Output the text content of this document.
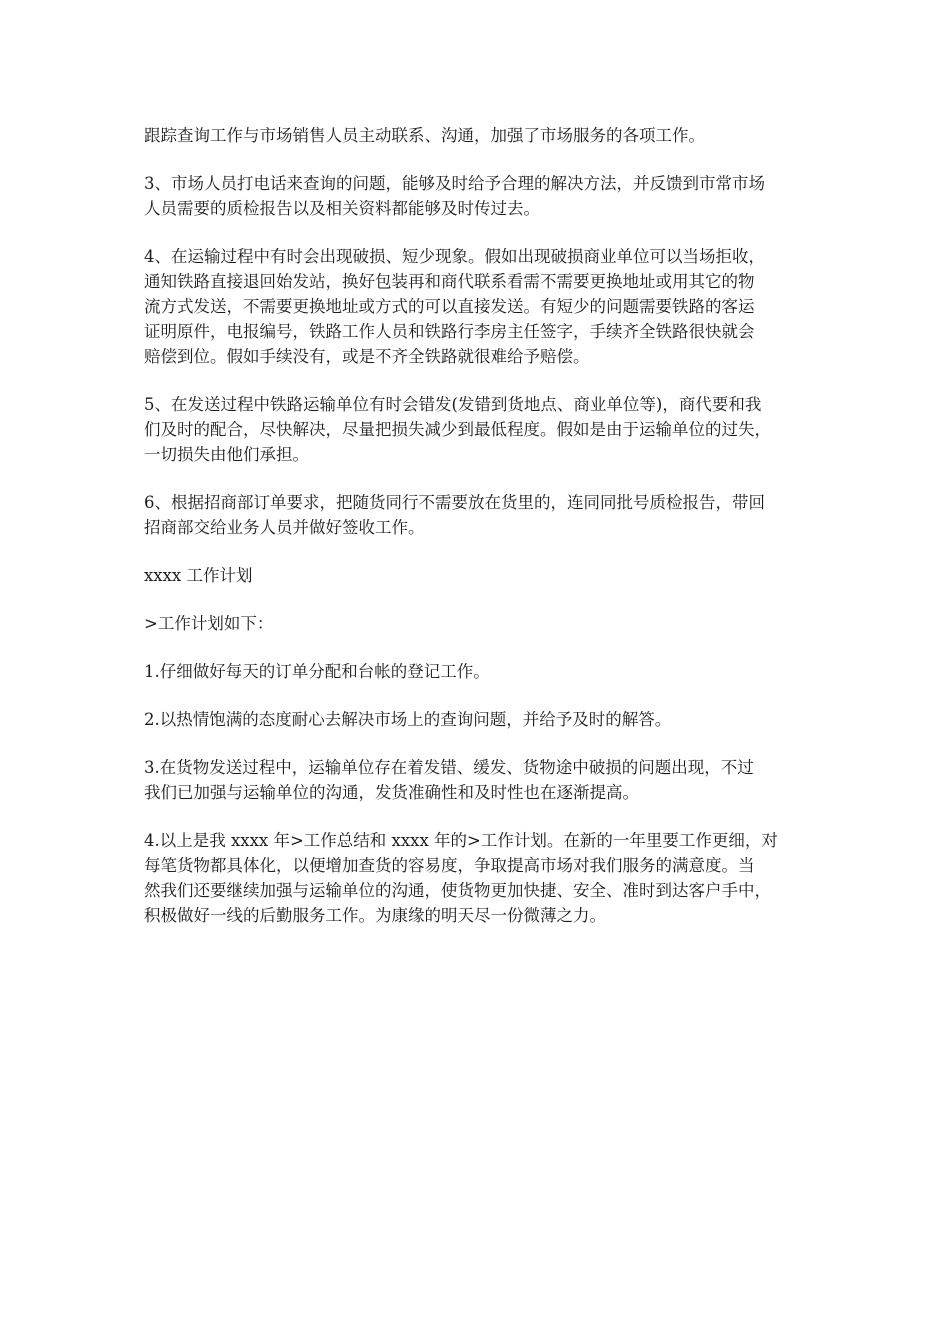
跟踪查询工作与市场销售人员主动联系、沟通，加强了市场服务的各项工作。

3、市场人员打电话来查询的问题，能够及时给予合理的解决方法，并反馈到市常市场
人员需要的质检报告以及相关资料都能够及时传过去。

4、在运输过程中有时会出现破损、短少现象。假如出现破损商业单位可以当场拒收，
通知铁路直接退回始发站，换好包装再和商代联系看需不需要更换地址或用其它的物
流方式发送，不需要更换地址或方式的可以直接发送。有短少的问题需要铁路的客运
证明原件，电报编号，铁路工作人员和铁路行李房主任签字，手续齐全铁路很快就会
赔偿到位。假如手续没有，或是不齐全铁路就很难给予赔偿。

5、在发送过程中铁路运输单位有时会错发(发错到货地点、商业单位等)，商代要和我
们及时的配合，尽快解决，尽量把损失减少到最低程度。假如是由于运输单位的过失，
一切损失由他们承担。

6、根据招商部订单要求，把随货同行不需要放在货里的，连同同批号质检报告，带回
招商部交给业务人员并做好签收工作。

xxxx 工作计划

>工作计划如下：

1.仔细做好每天的订单分配和台帐的登记工作。

2.以热情饱满的态度耐心去解决市场上的查询问题，并给予及时的解答。

3.在货物发送过程中，运输单位存在着发错、缓发、货物途中破损的问题出现，不过
我们已加强与运输单位的沟通，发货准确性和及时性也在逐渐提高。

4.以上是我 xxxx 年>工作总结和 xxxx 年的>工作计划。在新的一年里要工作更细，对
每笔货物都具体化，以便增加查货的容易度，争取提高市场对我们服务的满意度。当
然我们还要继续加强与运输单位的沟通，使货物更加快捷、安全、准时到达客户手中，
积极做好一线的后勤服务工作。为康缘的明天尽一份微薄之力。
